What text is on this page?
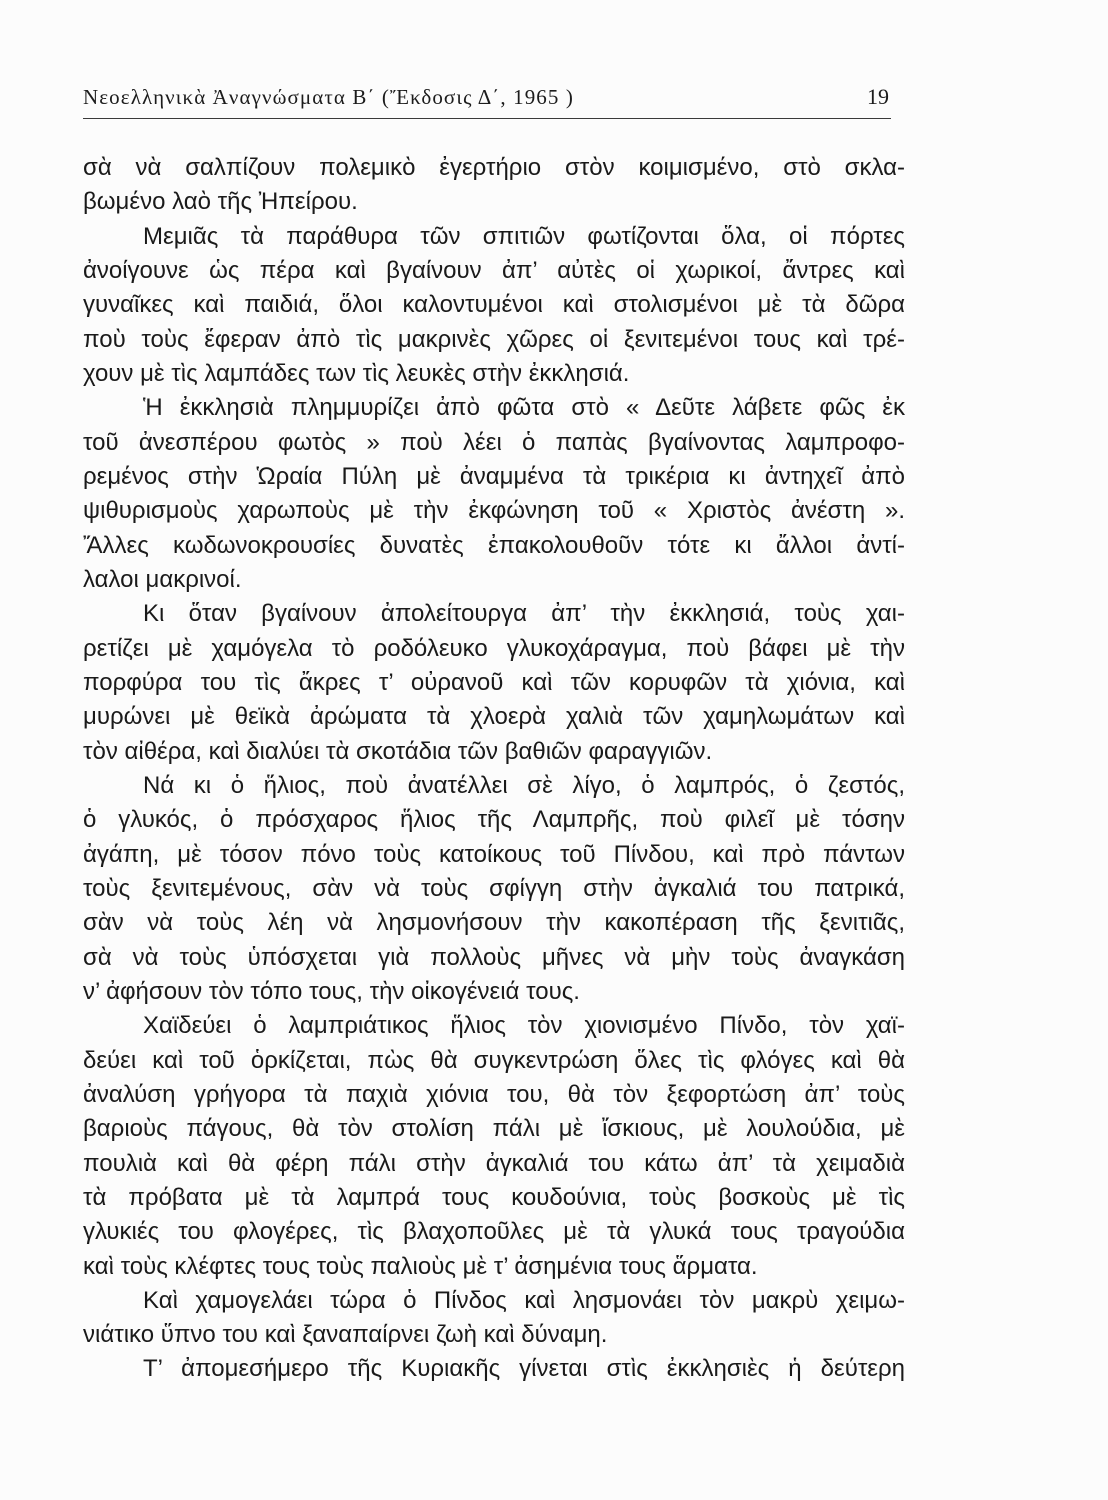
Νεοελληνικὰ Ἀναγνώσματα Β΄ (Ἔκδοσις Δ΄, 1965 )	19
σὰ νὰ σαλπίζουν πολεμικὸ ἐγερτήριο στὸν κοιμισμένο, στὸ σκλα-
βωμένο λαὸ τῆς Ἠπείρου.
Μεμιᾶς τὰ παράθυρα τῶν σπιτιῶν φωτίζονται ὅλα, οἱ πόρτες
ἀνοίγουνε ὡς πέρα καὶ βγαίνουν ἀπ’ αὐτὲς οἱ χωρικοί, ἄντρες καὶ
γυναῖκες καὶ παιδιά, ὅλοι καλοντυμένοι καὶ στολισμένοι μὲ τὰ δῶρα
ποὺ τοὺς ἔφεραν ἀπὸ τὶς μακρινὲς χῶρες οἱ ξενιτεμένοι τους καὶ τρέ-
χουν μὲ τὶς λαμπάδες των τὶς λευκὲς στὴν ἐκκλησιά.
Ἡ ἐκκλησιὰ πλημμυρίζει ἀπὸ φῶτα στὸ « Δεῦτε λάβετε φῶς ἐκ
τοῦ ἀνεσπέρου φωτὸς » ποὺ λέει ὁ παπὰς βγαίνοντας λαμπροφο-
ρεμένος στὴν Ὡραία Πύλη μὲ ἀναμμένα τὰ τρικέρια κι ἀντηχεῖ ἀπὸ
ψιθυρισμοὺς χαρωποὺς μὲ τὴν ἐκφώνηση τοῦ « Χριστὸς ἀνέστη ».
Ἄλλες κωδωνοκρουσίες δυνατὲς ἐπακολουθοῦν τότε κι ἄλλοι ἀντί-
λαλοι μακρινοί.
Κι ὅταν βγαίνουν ἀπολείτουργα ἀπ’ τὴν ἐκκλησιά, τοὺς χαι-
ρετίζει μὲ χαμόγελα τὸ ροδόλευκο γλυκοχάραγμα, ποὺ βάφει μὲ τὴν
πορφύρα του τὶς ἄκρες τ’ οὐρανοῦ καὶ τῶν κορυφῶν τὰ χιόνια, καὶ
μυρώνει μὲ θεϊκὰ ἀρώματα τὰ χλοερὰ χαλιὰ τῶν χαμηλωμάτων καὶ
τὸν αἰθέρα, καὶ διαλύει τὰ σκοτάδια τῶν βαθιῶν φαραγγιῶν.
Νά κι ὁ ἥλιος, ποὺ ἀνατέλλει σὲ λίγο, ὁ λαμπρός, ὁ ζεστός,
ὁ γλυκός, ὁ πρόσχαρος ἥλιος τῆς Λαμπρῆς, ποὺ φιλεῖ μὲ τόσην
ἀγάπη, μὲ τόσον πόνο τοὺς κατοίκους τοῦ Πίνδου, καὶ πρὸ πάντων
τοὺς ξενιτεμένους, σὰν νὰ τοὺς σφίγγη στὴν ἀγκαλιά του πατρικά,
σὰν νὰ τοὺς λέη νὰ λησμονήσουν τὴν κακοπέραση τῆς ξενιτιᾶς,
σὰ νὰ τοὺς ὑπόσχεται γιὰ πολλοὺς μῆνες νὰ μὴν τοὺς ἀναγκάση
ν’ ἀφήσουν τὸν τόπο τους, τὴν οἰκογένειά τους.
Χαϊδεύει ὁ λαμπριάτικος ἥλιος τὸν χιονισμένο Πίνδο, τὸν χαϊ-
δεύει καὶ τοῦ ὁρκίζεται, πὼς θὰ συγκεντρώση ὅλες τὶς φλόγες καὶ θὰ
ἀναλύση γρήγορα τὰ παχιὰ χιόνια του, θὰ τὸν ξεφορτώση ἀπ’ τοὺς
βαριοὺς πάγους, θὰ τὸν στολίση πάλι μὲ ἴσκιους, μὲ λουλούδια, μὲ
πουλιὰ καὶ θὰ φέρη πάλι στὴν ἀγκαλιά του κάτω ἀπ’ τὰ χειμαδιὰ
τὰ πρόβατα μὲ τὰ λαμπρά τους κουδούνια, τοὺς βοσκοὺς μὲ τὶς
γλυκιές του φλογέρες, τὶς βλαχοποῦλες μὲ τὰ γλυκά τους τραγούδια
καὶ τοὺς κλέφτες τους τοὺς παλιοὺς μὲ τ’ ἀσημένια τους ἅρματα.
Καὶ χαμογελάει τώρα ὁ Πίνδος καὶ λησμονάει τὸν μακρὺ χειμω-
νιάτικο ὕπνο του καὶ ξαναπαίρνει ζωὴ καὶ δύναμη.
Τ’ ἀπομεσήμερο τῆς Κυριακῆς γίνεται στὶς ἐκκλησιὲς ἡ δεύτερη
